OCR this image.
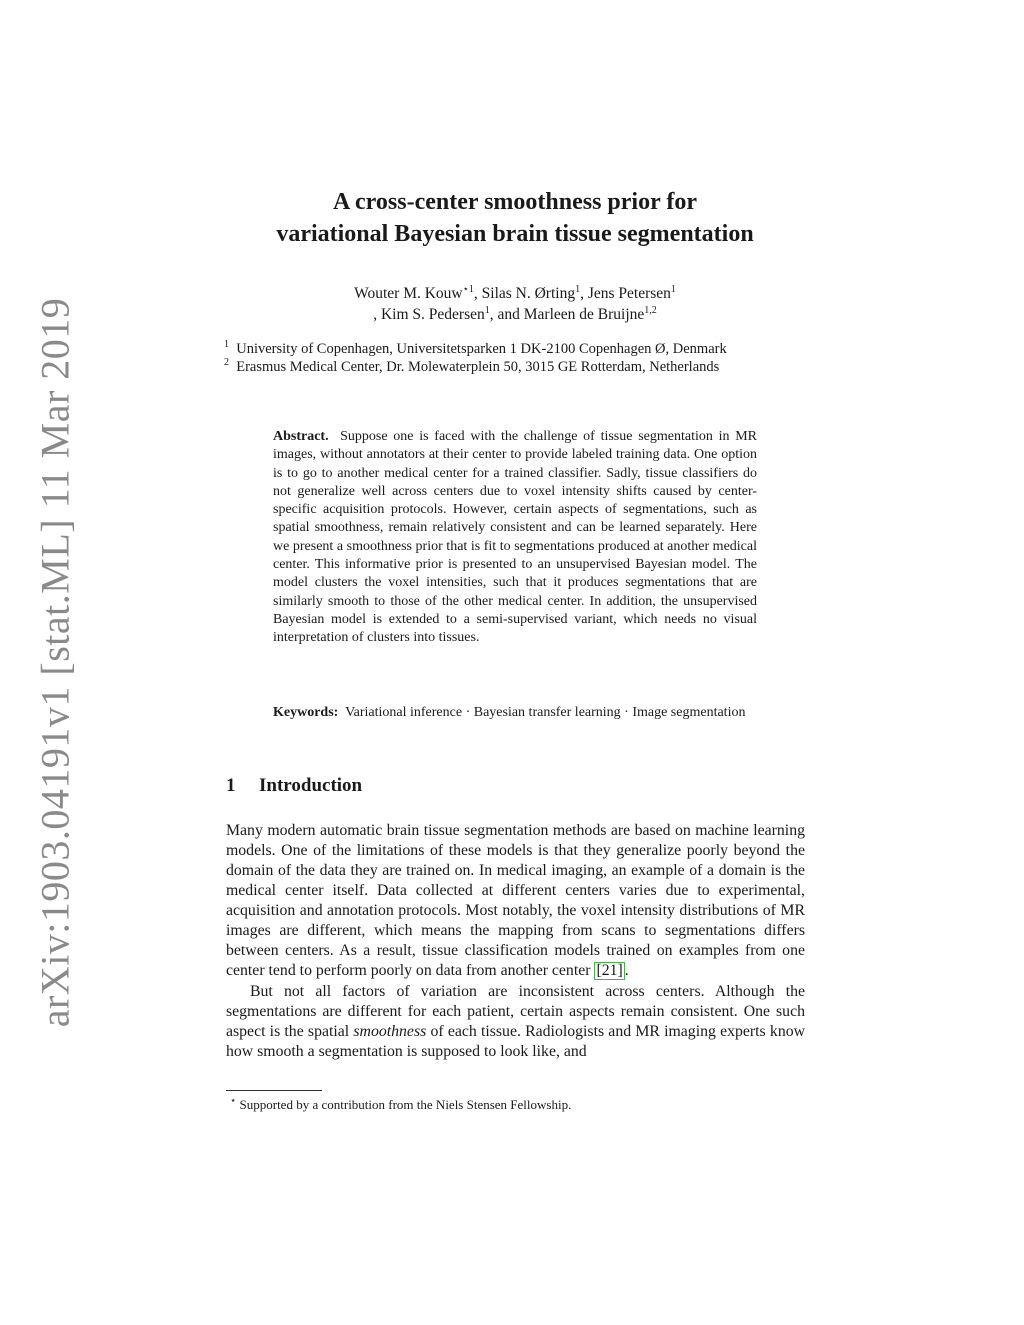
arXiv:1903.04191v1 [stat.ML] 11 Mar 2019
A cross-center smoothness prior for
variational Bayesian brain tissue segmentation
Wouter M. Kouw$^{⋆1}$, Silas N. Ørting$^1$, Jens Petersen$^1$
, Kim S. Pedersen$^1$, and Marleen de Bruijne$^{1,2}$
$^1$ University of Copenhagen, Universitetsparken 1 DK-2100 Copenhagen Ø, Denmark
$^2$ Erasmus Medical Center, Dr. Molewaterplein 50, 3015 GE Rotterdam, Netherlands
Abstract. Suppose one is faced with the challenge of tissue segmentation in MR images, without annotators at their center to provide labeled training data. One option is to go to another medical center for a trained classifier. Sadly, tissue classifiers do not generalize well across centers due to voxel intensity shifts caused by center-specific acquisition protocols. However, certain aspects of segmentations, such as spatial smoothness, remain relatively consistent and can be learned separately. Here we present a smoothness prior that is fit to segmentations produced at another medical center. This informative prior is presented to an unsupervised Bayesian model. The model clusters the voxel intensities, such that it produces segmentations that are similarly smooth to those of the other medical center. In addition, the unsupervised Bayesian model is extended to a semi-supervised variant, which needs no visual interpretation of clusters into tissues.
Keywords: Variational inference · Bayesian transfer learning · Image segmentation
1 Introduction

Many modern automatic brain tissue segmentation methods are based on machine learning models. One of the limitations of these models is that they generalize poorly beyond the domain of the data they are trained on. In medical imaging, an example of a domain is the medical center itself. Data collected at different centers varies due to experimental, acquisition and annotation protocols. Most notably, the voxel intensity distributions of MR images are different, which means the mapping from scans to segmentations differs between centers. As a result, tissue classification models trained on examples from one center tend to perform poorly on data from another center [21] .

But not all factors of variation are inconsistent across centers. Although the segmentations are different for each patient, certain aspects remain consistent. One such aspect is the spatial smoothness of each tissue. Radiologists and MR imaging experts know how smooth a segmentation is supposed to look like, and

⋆ Supported by a contribution from the Niels Stensen Fellowship.
